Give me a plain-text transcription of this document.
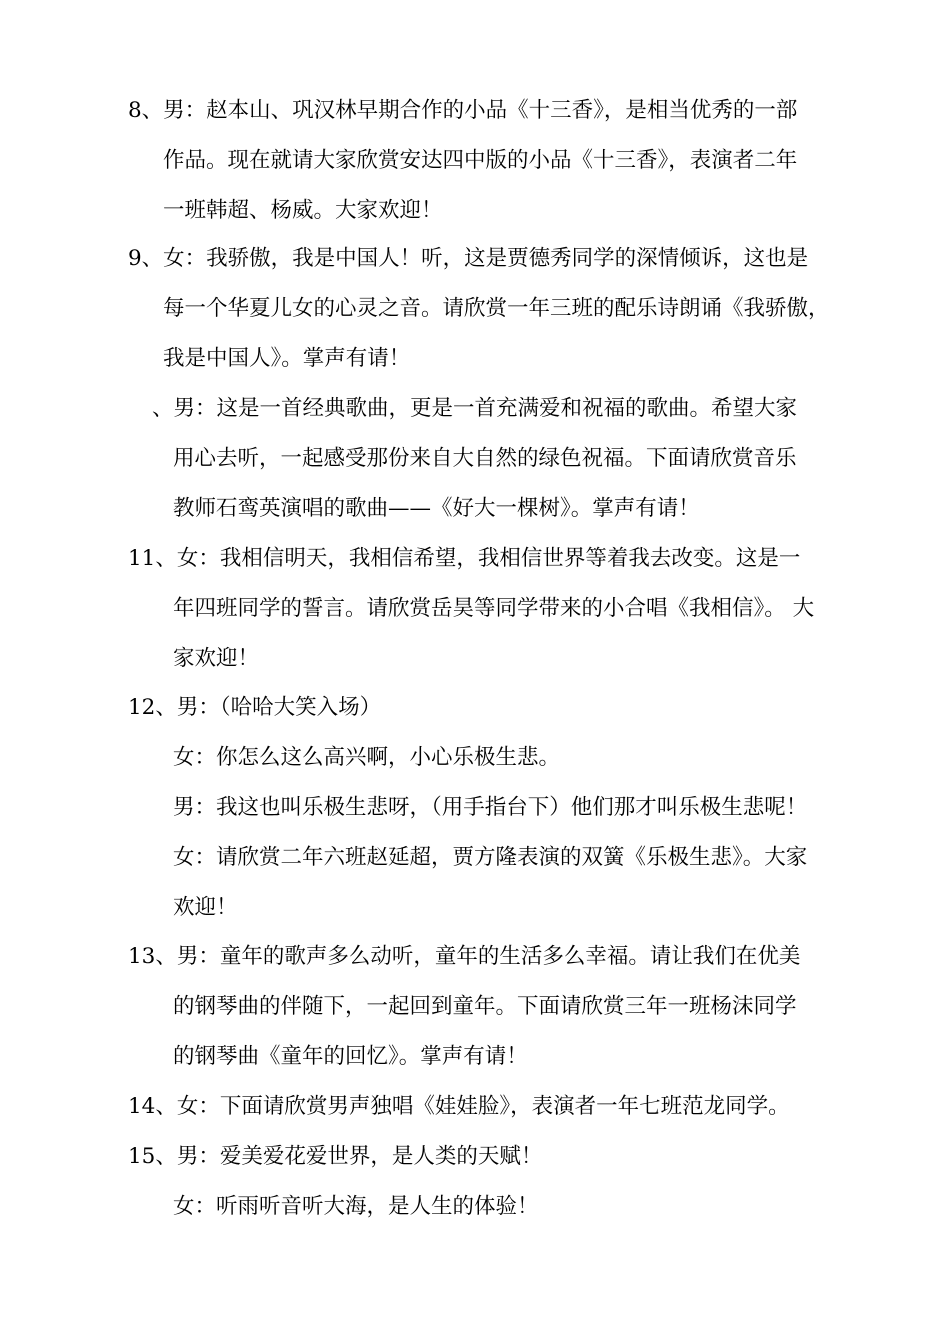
8、男：赵本山、巩汉林早期合作的小品《十三香》，是相当优秀的一部
作品。现在就请大家欣赏安达四中版的小品《十三香》，表演者二年
一班韩超、杨威。大家欢迎！
9、女：我骄傲，我是中国人！听，这是贾德秀同学的深情倾诉，这也是
每一个华夏儿女的心灵之音。请欣赏一年三班的配乐诗朗诵《我骄傲，
我是中国人》。掌声有请！
、男：这是一首经典歌曲，更是一首充满爱和祝福的歌曲。希望大家
用心去听，一起感受那份来自大自然的绿色祝福。下面请欣赏音乐
教师石鸾英演唱的歌曲——《好大一棵树》。掌声有请！
11、女：我相信明天，我相信希望，我相信世界等着我去改变。这是一
年四班同学的誓言。请欣赏岳昊等同学带来的小合唱《我相信》。 大
家欢迎！
12、男：（哈哈大笑入场）
女：你怎么这么高兴啊，小心乐极生悲。
男：我这也叫乐极生悲呀，（用手指台下）他们那才叫乐极生悲呢！
女：请欣赏二年六班赵延超，贾方隆表演的双簧《乐极生悲》。大家
欢迎！
13、男：童年的歌声多么动听，童年的生活多么幸福。请让我们在优美
的钢琴曲的伴随下，一起回到童年。下面请欣赏三年一班杨沫同学
的钢琴曲《童年的回忆》。掌声有请！
14、女：下面请欣赏男声独唱《娃娃脸》，表演者一年七班范龙同学。
15、男：爱美爱花爱世界，是人类的天赋！
女：听雨听音听大海，是人生的体验！
